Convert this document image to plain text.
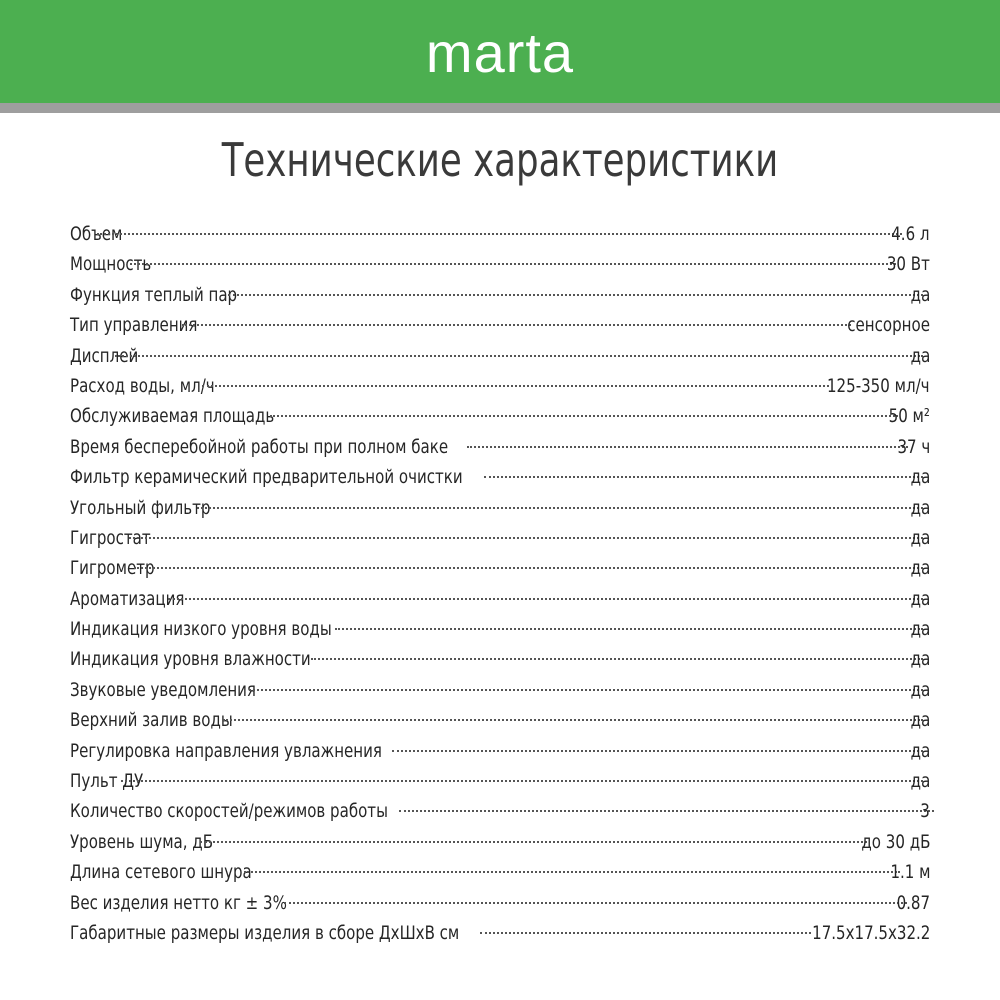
marta
Технические характеристики
Объем	4.6 л
Мощность	30 Вт
Функция теплый пар	да
Тип управления	сенсорное
Дисплей	да
Расход воды, мл/ч	125-350 мл/ч
Обслуживаемая площадь	50 м²
Время бесперебойной работы при полном баке	37 ч
Фильтр керамический предварительной очистки	да
Угольный фильтр	да
Гигростат	да
Гигрометр	да
Ароматизация	да
Индикация низкого уровня воды	да
Индикация уровня влажности	да
Звуковые уведомления	да
Верхний залив воды	да
Регулировка направления увлажнения	да
Пульт ДУ	да
Количество скоростей/режимов работы	3
Уровень шума, дБ	до 30 дБ
Длина сетевого шнура	1.1 м
Вес изделия нетто кг ± 3%	0.87
Габаритные размеры изделия в сборе ДхШхВ см	17.5x17.5x32.2
